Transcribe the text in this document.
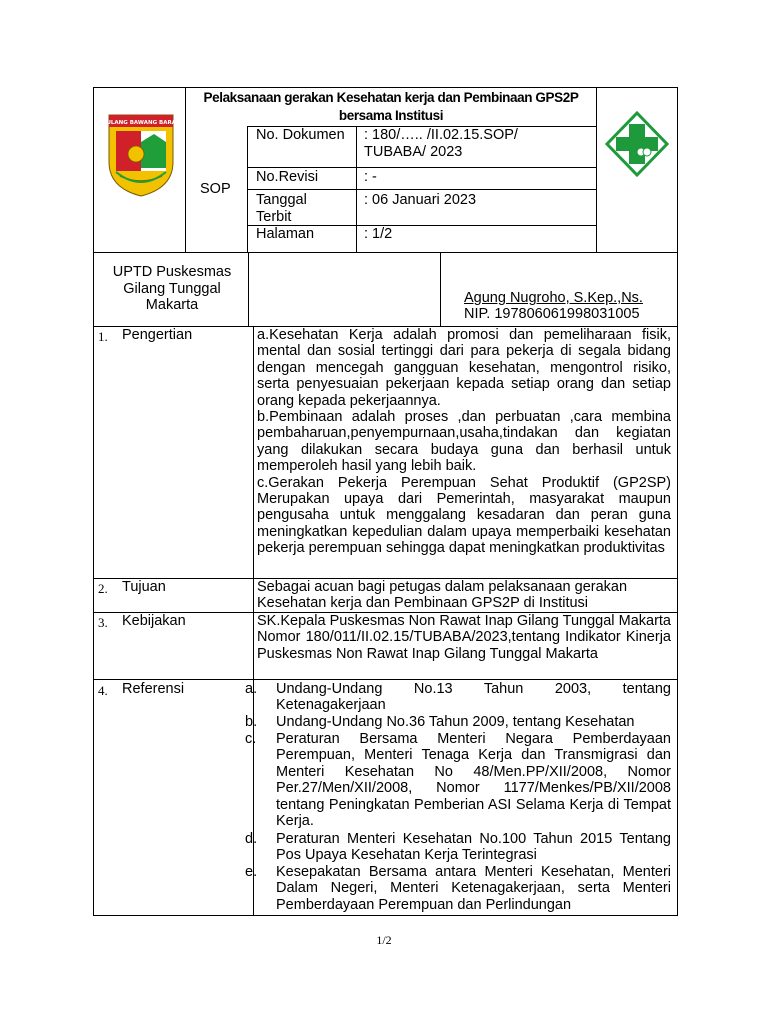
TULANG BAWANG BARAT
Pelaksanaan gerakan Kesehatan kerja dan Pembinaan GPS2P bersama Institusi
SOP
No. Dokumen : 180/….. /II.02.15.SOP/ TUBABA/ 2023
No.Revisi	: -
Tanggal Terbit
: 06 Januari 2023
Halaman	: 1/2
UPTD Puskesmas Gilang Tunggal Makarta	Agung Nugroho, S.Kep.,Ns.
NIP. 197806061998031005
1. Pengertian	a.Kesehatan Kerja adalah promosi dan pemeliharaan fisik, mental dan sosial tertinggi dari para pekerja di segala bidang dengan mencegah gangguan kesehatan, mengontrol risiko, serta penyesuaian pekerjaan kepada setiap orang dan setiap orang kepada pekerjaannya.

b.Pembinaan adalah proses ,dan perbuatan ,cara membina pembaharuan,penyempurnaan,usaha,tindakan dan kegiatan yang dilakukan secara budaya guna dan berhasil untuk memperoleh hasil yang lebih baik.

c.Gerakan Pekerja Perempuan Sehat Produktif (GP2SP) Merupakan upaya dari Pemerintah, masyarakat maupun pengusaha untuk menggalang kesadaran dan peran guna meningkatkan kepedulian dalam upaya memperbaiki kesehatan pekerja perempuan sehingga dapat meningkatkan produktivitas

2. Tujuan	Sebagai acuan bagi petugas dalam pelaksanaan gerakan Kesehatan kerja dan Pembinaan GPS2P di Institusi
3. Kebijakan	SK.Kepala Puskesmas Non Rawat Inap Gilang Tunggal Makarta Nomor 180/011/II.02.15/TUBABA/2023,tentang Indikator Kinerja Puskesmas Non Rawat Inap Gilang Tunggal Makarta
4. Referensi	a. Undang-Undang No.13 Tahun 2003, tentang Ketenagakerjaan
b. Undang-Undang No.36 Tahun 2009, tentang Kesehatan
c. Peraturan Bersama Menteri Negara Pemberdayaan Perempuan, Menteri Tenaga Kerja dan Transmigrasi dan Menteri Kesehatan No 48/Men.PP/XII/2008, Nomor Per.27/Men/XII/2008, Nomor 1177/Menkes/PB/XII/2008 tentang Peningkatan Pemberian ASI Selama Kerja di Tempat Kerja.
d. Peraturan Menteri Kesehatan No.100 Tahun 2015 Tentang Pos Upaya Kesehatan Kerja Terintegrasi
e. Kesepakatan Bersama antara Menteri Kesehatan, Menteri Dalam Negeri, Menteri Ketenagakerjaan, serta Menteri Pemberdayaan Perempuan dan Perlindungan
1/2
